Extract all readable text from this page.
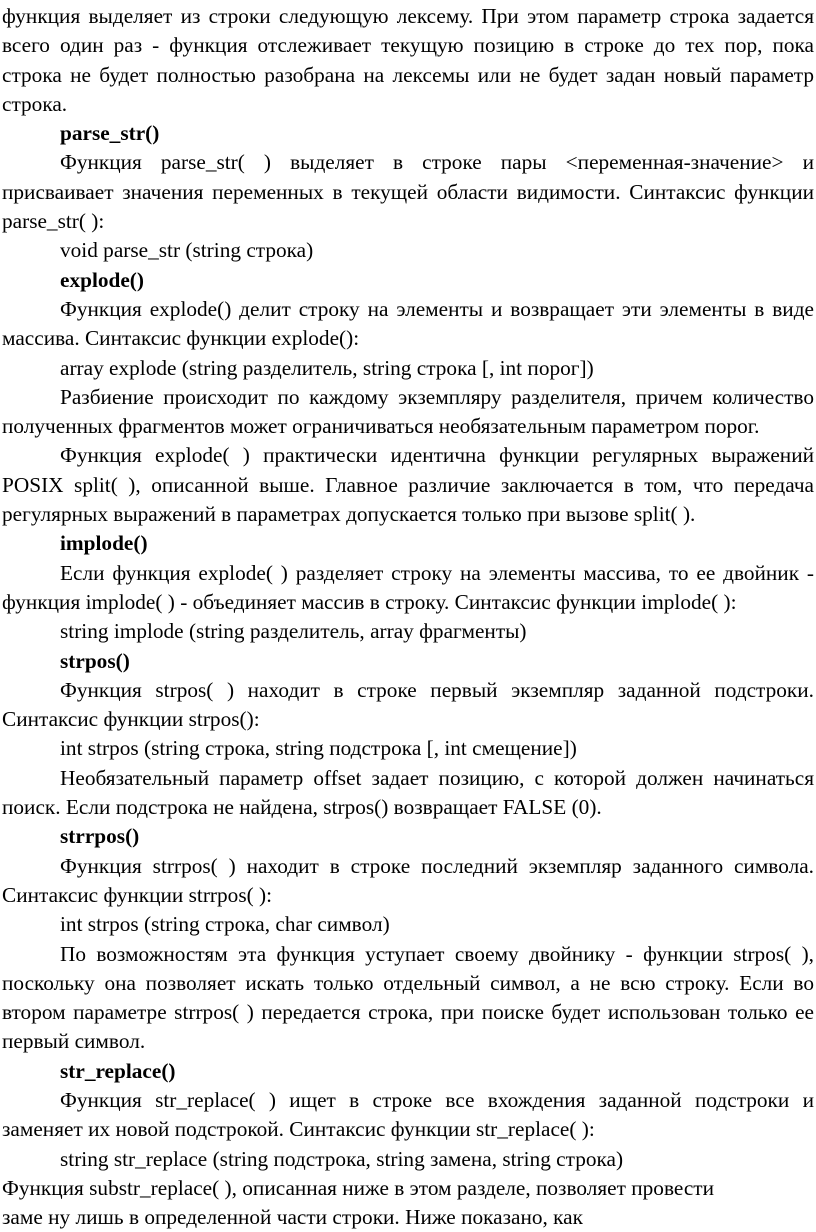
функция выделяет из строки следующую лексему. При этом параметр строка задается всего один раз - функция отслеживает текущую позицию в строке до тех пор, пока строка не будет полностью разобрана на лексемы или не будет задан новый параметр строка.

parse_str()

Функция parse_str( ) выделяет в строке пары <переменная-значение> и присваивает значения переменных в текущей области видимости. Синтаксис функции parse_str( ):

void parse_str (string строка)

explode()

Функция explode() делит строку на элементы и возвращает эти элементы в виде массива. Синтаксис функции explode():

array explode (string разделитель, string строка [, int порог])

Разбиение происходит по каждому экземпляру разделителя, причем количество полученных фрагментов может ограничиваться необязательным параметром порог.

Функция explode( ) практически идентична функции регулярных выражений POSIX split( ), описанной выше. Главное различие заключается в том, что передача регулярных выражений в параметрах допускается только при вызове split( ).

implode()

Если функция explode( ) разделяет строку на элементы массива, то ее двойник - функция implode( ) - объединяет массив в строку. Синтаксис функции implode( ):

string implode (string разделитель, array фрагменты)

strpos()

Функция strpos( ) находит в строке первый экземпляр заданной подстроки. Синтаксис функции strpos():

int strpos (string строка, string подстрока [, int смещение])

Необязательный параметр offset задает позицию, с которой должен начинаться поиск. Если подстрока не найдена, strpos() возвращает FALSE (0).

strrpos()

Функция strrpos( ) находит в строке последний экземпляр заданного символа. Синтаксис функции strrpos( ):

int strpos (string строка, char символ)

По возможностям эта функция уступает своему двойнику - функции strpos( ), поскольку она позволяет искать только отдельный символ, а не всю строку. Если во втором параметре strrpos( ) передается строка, при поиске будет использован только ее первый символ.

str_replace()

Функция str_replace( ) ищет в строке все вхождения заданной подстроки и заменяет их новой подстрокой. Синтаксис функции str_replace( ):

string str_replace (string подстрока, string замена, string строка)

Функция substr_replace( ), описанная ниже в этом разделе, позволяет провести

заме ну лишь в определенной части строки. Ниже показано, как
